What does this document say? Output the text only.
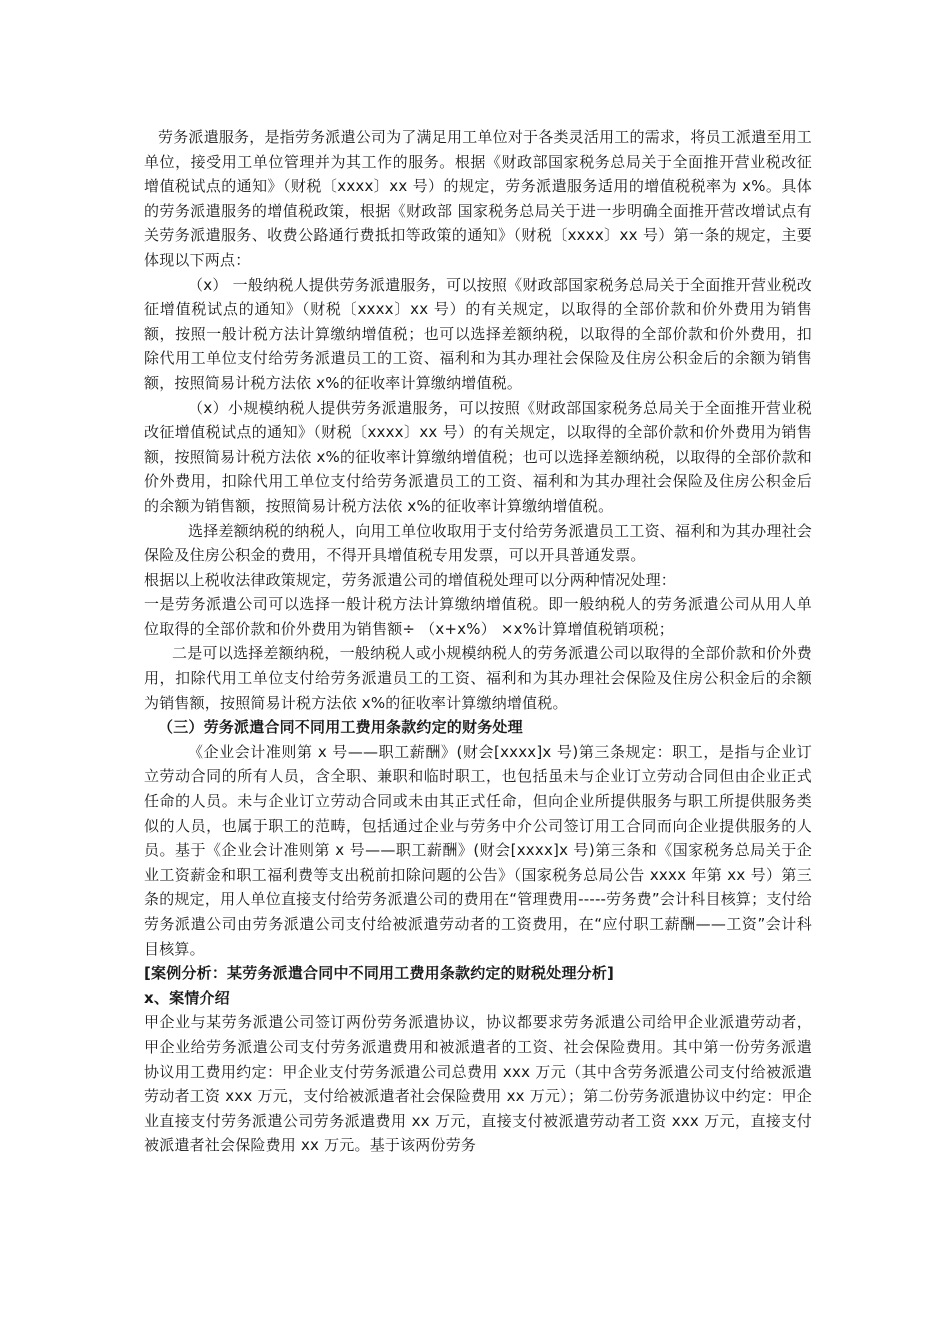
劳务派遣服务，是指劳务派遣公司为了满足用工单位对于各类灵活用工的需求，将员工派遣至用工单位，接受用工单位管理并为其工作的服务。根据《财政部国家税务总局关于全面推开营业税改征增值税试点的通知》（财税〔xxxx〕xx 号）的规定，劳务派遣服务适用的增值税税率为 x%。具体的劳务派遣服务的增值税政策，根据《财政部 国家税务总局关于进一步明确全面推开营改增试点有关劳务派遣服务、收费公路通行费抵扣等政策的通知》（财税〔xxxx〕xx 号）第一条的规定，主要体现以下两点：

（x） 一般纳税人提供劳务派遣服务，可以按照《财政部国家税务总局关于全面推开营业税改征增值税试点的通知》（财税〔xxxx〕xx 号）的有关规定，以取得的全部价款和价外费用为销售额，按照一般计税方法计算缴纳增值税；也可以选择差额纳税，以取得的全部价款和价外费用，扣除代用工单位支付给劳务派遣员工的工资、福利和为其办理社会保险及住房公积金后的余额为销售额，按照简易计税方法依 x%的征收率计算缴纳增值税。

（x）小规模纳税人提供劳务派遣服务，可以按照《财政部国家税务总局关于全面推开营业税改征增值税试点的通知》（财税〔xxxx〕xx 号）的有关规定，以取得的全部价款和价外费用为销售额，按照简易计税方法依 x%的征收率计算缴纳增值税；也可以选择差额纳税，以取得的全部价款和价外费用，扣除代用工单位支付给劳务派遣员工的工资、福利和为其办理社会保险及住房公积金后的余额为销售额，按照简易计税方法依 x%的征收率计算缴纳增值税。

选择差额纳税的纳税人，向用工单位收取用于支付给劳务派遣员工工资、福利和为其办理社会保险及住房公积金的费用，不得开具增值税专用发票，可以开具普通发票。

根据以上税收法律政策规定，劳务派遣公司的增值税处理可以分两种情况处理：

一是劳务派遣公司可以选择一般计税方法计算缴纳增值税。即一般纳税人的劳务派遣公司从用人单位取得的全部价款和价外费用为销售额÷ （x+x%） ×x%计算增值税销项税；

二是可以选择差额纳税，一般纳税人或小规模纳税人的劳务派遣公司以取得的全部价款和价外费用，扣除代用工单位支付给劳务派遣员工的工资、福利和为其办理社会保险及住房公积金后的余额为销售额，按照简易计税方法依 x%的征收率计算缴纳增值税。

（三）劳务派遣合同不同用工费用条款约定的财务处理

《企业会计准则第 x 号——职工薪酬》(财会[xxxx]x 号)第三条规定：职工，是指与企业订立劳动合同的所有人员，含全职、兼职和临时职工，也包括虽未与企业订立劳动合同但由企业正式任命的人员。未与企业订立劳动合同或未由其正式任命，但向企业所提供服务与职工所提供服务类似的人员，也属于职工的范畴，包括通过企业与劳务中介公司签订用工合同而向企业提供服务的人员。基于《企业会计准则第 x 号——职工薪酬》(财会[xxxx]x 号)第三条和《国家税务总局关于企业工资薪金和职工福利费等支出税前扣除问题的公告》（国家税务总局公告 xxxx 年第 xx 号）第三条的规定，用人单位直接支付给劳务派遣公司的费用在“管理费用-----劳务费”会计科目核算；支付给劳务派遣公司由劳务派遣公司支付给被派遣劳动者的工资费用，在“应付职工薪酬——工资”会计科目核算。

[案例分析：某劳务派遣合同中不同用工费用条款约定的财税处理分析]

x、案情介绍

甲企业与某劳务派遣公司签订两份劳务派遣协议，协议都要求劳务派遣公司给甲企业派遣劳动者，甲企业给劳务派遣公司支付劳务派遣费用和被派遣者的工资、社会保险费用。其中第一份劳务派遣协议用工费用约定：甲企业支付劳务派遣公司总费用 xxx 万元（其中含劳务派遣公司支付给被派遣劳动者工资 xxx 万元，支付给被派遣者社会保险费用 xx 万元）；第二份劳务派遣协议中约定：甲企业直接支付劳务派遣公司劳务派遣费用 xx 万元，直接支付被派遣劳动者工资 xxx 万元，直接支付被派遣者社会保险费用 xx 万元。基于该两份劳务
